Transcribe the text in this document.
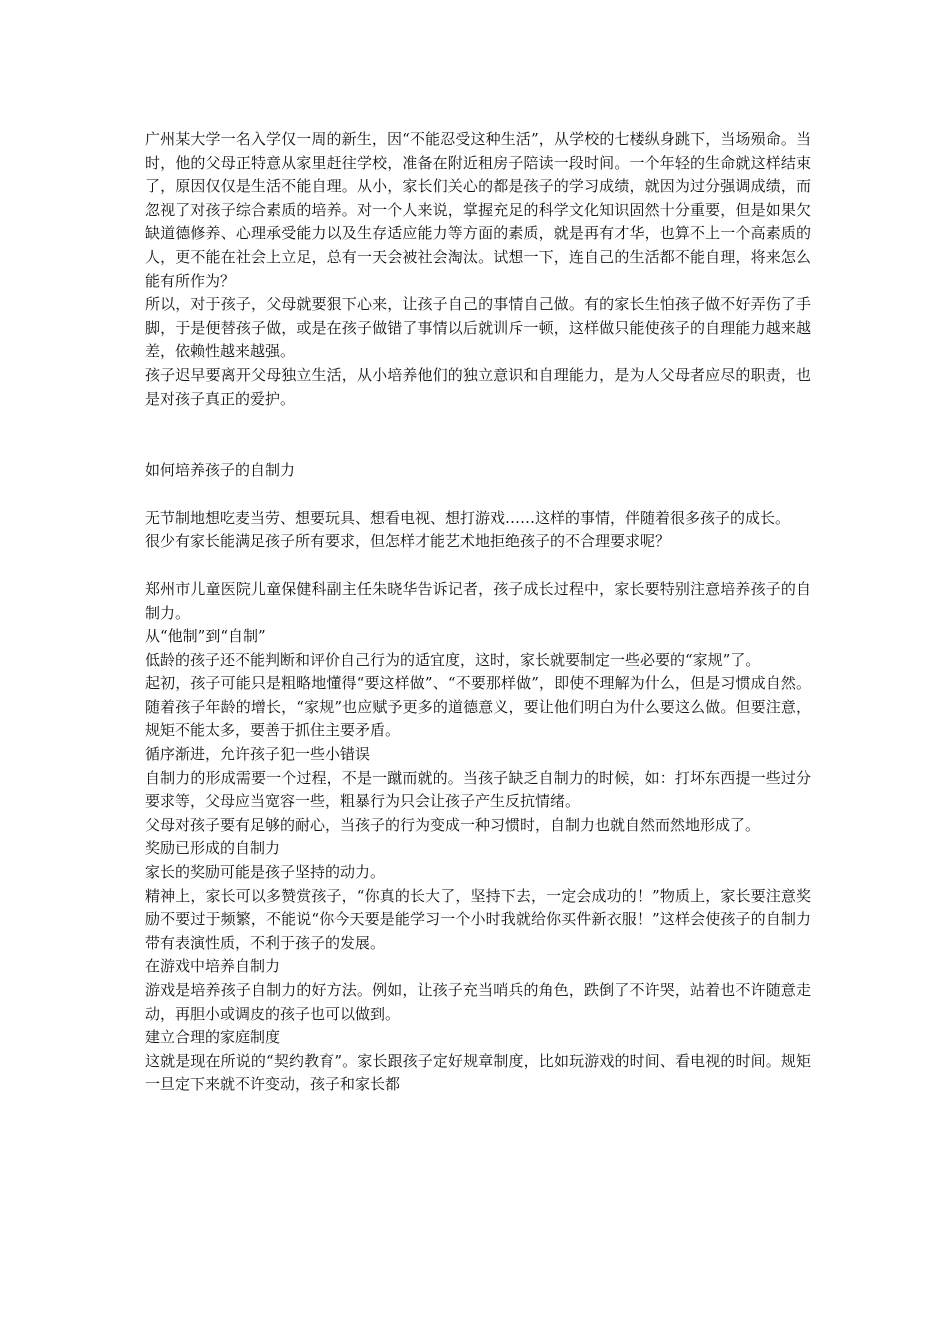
广州某大学一名入学仅一周的新生，因“不能忍受这种生活”，从学校的七楼纵身跳下，当场殒命。当时，他的父母正特意从家里赶往学校，准备在附近租房子陪读一段时间。一个年轻的生命就这样结束了，原因仅仅是生活不能自理。从小，家长们关心的都是孩子的学习成绩，就因为过分强调成绩，而忽视了对孩子综合素质的培养。对一个人来说，掌握充足的科学文化知识固然十分重要，但是如果欠缺道德修养、心理承受能力以及生存适应能力等方面的素质，就是再有才华，也算不上一个高素质的人，更不能在社会上立足，总有一天会被社会淘汰。试想一下，连自己的生活都不能自理，将来怎么能有所作为？

所以，对于孩子，父母就要狠下心来，让孩子自己的事情自己做。有的家长生怕孩子做不好弄伤了手脚，于是便替孩子做，或是在孩子做错了事情以后就训斥一顿，这样做只能使孩子的自理能力越来越差，依赖性越来越强。

孩子迟早要离开父母独立生活，从小培养他们的独立意识和自理能力，是为人父母者应尽的职责，也是对孩子真正的爱护。

如何培养孩子的自制力

无节制地想吃麦当劳、想要玩具、想看电视、想打游戏……这样的事情，伴随着很多孩子的成长。

很少有家长能满足孩子所有要求，但怎样才能艺术地拒绝孩子的不合理要求呢？

郑州市儿童医院儿童保健科副主任朱晓华告诉记者，孩子成长过程中，家长要特别注意培养孩子的自制力。

从“他制”到“自制”

低龄的孩子还不能判断和评价自己行为的适宜度，这时，家长就要制定一些必要的“家规”了。

起初，孩子可能只是粗略地懂得“要这样做”、“不要那样做”，即使不理解为什么，但是习惯成自然。随着孩子年龄的增长，“家规”也应赋予更多的道德意义，要让他们明白为什么要这么做。但要注意，规矩不能太多，要善于抓住主要矛盾。

循序渐进，允许孩子犯一些小错误

自制力的形成需要一个过程，不是一蹴而就的。当孩子缺乏自制力的时候，如：打坏东西提一些过分要求等，父母应当宽容一些，粗暴行为只会让孩子产生反抗情绪。

父母对孩子要有足够的耐心，当孩子的行为变成一种习惯时，自制力也就自然而然地形成了。

奖励已形成的自制力

家长的奖励可能是孩子坚持的动力。

精神上，家长可以多赞赏孩子，“你真的长大了，坚持下去，一定会成功的！”物质上，家长要注意奖励不要过于频繁，不能说“你今天要是能学习一个小时我就给你买件新衣服！”这样会使孩子的自制力带有表演性质，不利于孩子的发展。

在游戏中培养自制力

游戏是培养孩子自制力的好方法。例如，让孩子充当哨兵的角色，跌倒了不许哭，站着也不许随意走动，再胆小或调皮的孩子也可以做到。

建立合理的家庭制度

这就是现在所说的“契约教育”。家长跟孩子定好规章制度，比如玩游戏的时间、看电视的时间。规矩一旦定下来就不许变动，孩子和家长都
